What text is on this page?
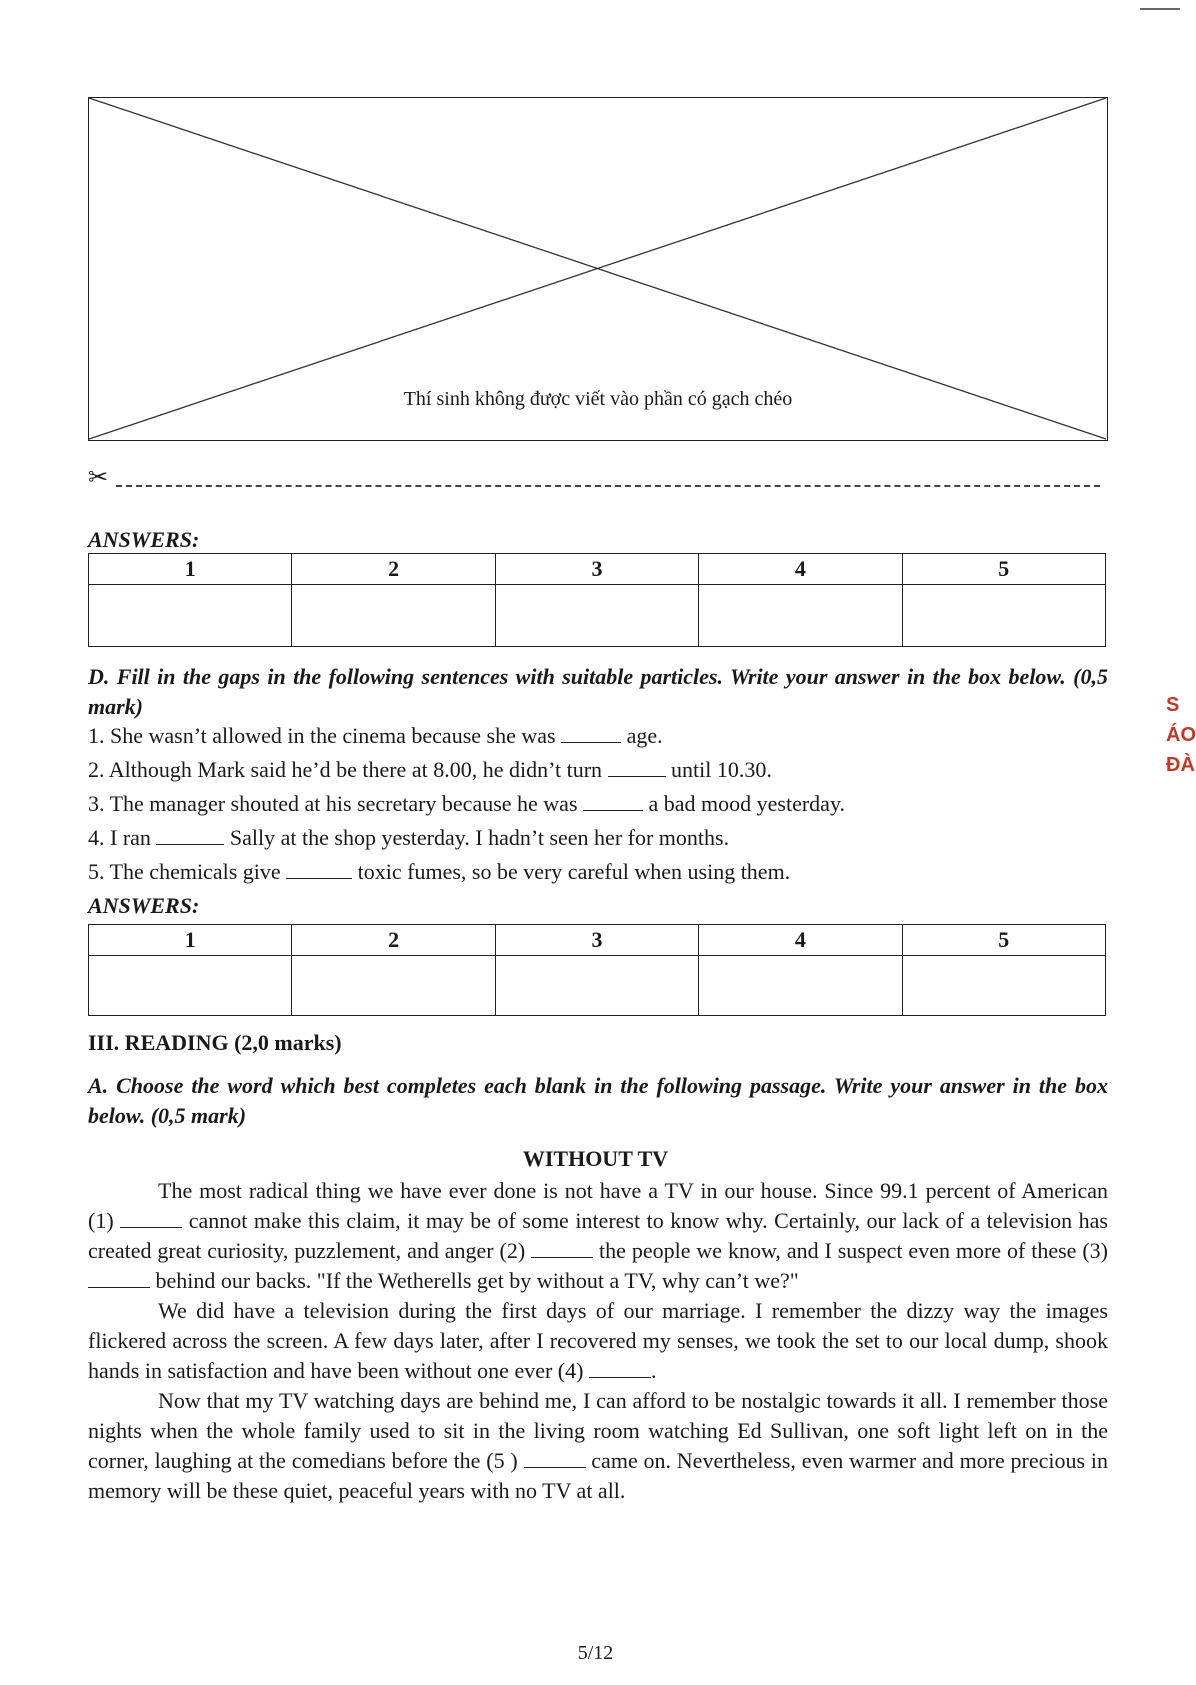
Thí sinh không được viết vào phần có gạch chéo
✂
ANSWERS:
1	2	3	4	5

D. Fill in the gaps in the following sentences with suitable particles. Write your answer in the box below. (0,5 mark)
1. She wasn’t allowed in the cinema because she was	age.
2. Although Mark said he’d be there at 8.00, he didn’t turn	until 10.30.
3. The manager shouted at his secretary because he was	a bad mood yesterday.
4. I ran	Sally at the shop yesterday. I hadn’t seen her for months.
5. The chemicals give	toxic fumes, so be very careful when using them.
ANSWERS:
1	2	3	4	5

III. READING (2,0 marks)
A. Choose the word which best completes each blank in the following passage. Write your answer in the box below. (0,5 mark)
WITHOUT TV

The most radical thing we have ever done is not have a TV in our house. Since 99.1 percent of American (1)	cannot make this claim, it may be of some interest to know why. Certainly, our lack of a television has created great curiosity, puzzlement, and anger (2)	the people we know, and I suspect even more of these (3)  behind our backs. "If the Wetherells get by without a TV, why can’t we?"

We did have a television during the first days of our marriage. I remember the dizzy way the images flickered across the screen. A few days later, after I recovered my senses, we took the set to our local dump, shook hands in satisfaction and have been without one ever (4)	.

Now that my TV watching days are behind me, I can afford to be nostalgic towards it all. I remember those nights when the whole family used to sit in the living room watching Ed Sullivan, one soft light left on in the corner, laughing at the comedians before the (5 )	came on. Nevertheless, even warmer and more precious in memory will be these quiet, peaceful years with no TV at all.

5/12
S
ÁO
ĐÀ
